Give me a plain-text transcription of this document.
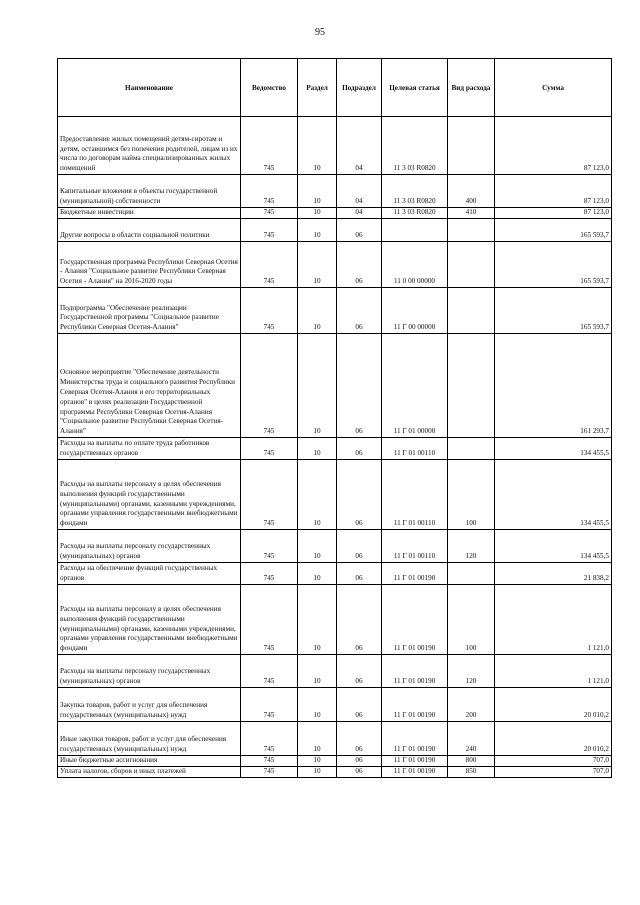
95
Наименование	Ведомство	Раздел	Подраздел	Целевая статья	Вид расхода	Сумма
Предоставление жилых помещений детям-сиротам и детям, оставшимся без попечения родителей, лицам из их числа по договорам найма специализированных жилых помещений	745	10	04	11 3 03 R0820		87 123,0
Капитальные вложения в объекты государственной (муниципальной) собственности	745	10	04	11 3 03 R0820	400	87 123,0
Бюджетные инвестиции	745	10	04	11 3 03 R0820	410	87 123,0
Другие вопросы в области социальной политики	745	10	06			165 593,7
Государственная программа Республики Северная Осетия - Алания "Социальное развитие Республики Северная Осетия - Алания" на 2016-2020 годы	745	10	06	11 0 00 00000		165 593,7
Подпрограмма "Обеспечение реализации Государственной программы "Социальное развитие Республики Северная Осетия-Алания"	745	10	06	11 Г 00 00000		165 593,7
Основное мероприятие "Обеспечение деятельности Министерства труда и социального развития Республики Северная Осетия-Алания и его территориальных органов" в целях реализации Государственной программы Республики Северная Осетия-Алания "Социальное развитие Республики Северная Осетия-Алания"	745	10	06	11 Г 01 00000		161 293,7
Расходы на выплаты по оплате труда работников государственных органов	745	10	06	11 Г 01 00110		134 455,5
Расходы на выплаты персоналу в целях обеспечения выполнения функций государственными (муниципальными) органами, казенными учреждениями, органами управления государственными внебюджетными фондами	745	10	06	11 Г 01 00110	100	134 455,5
Расходы на выплаты персоналу государственных (муниципальных) органов	745	10	06	11 Г 01 00110	120	134 455,5
Расходы на обеспечение функций государственных органов	745	10	06	11 Г 01 00190		21 838,2
Расходы на выплаты персоналу в целях обеспечения выполнения функций государственными (муниципальными) органами, казенными учреждениями, органами управления государственными внебюджетными фондами	745	10	06	11 Г 01 00190	100	1 121,0
Расходы на выплаты персоналу государственных (муниципальных) органов	745	10	06	11 Г 01 00190	120	1 121,0
Закупка товаров, работ и услуг для обеспечения государственных (муниципальных) нужд	745	10	06	11 Г 01 00190	200	20 010,2
Иные закупки товаров, работ и услуг для обеспечения государственных (муниципальных) нужд	745	10	06	11 Г 01 00190	240	20 010,2
Иные бюджетные ассигнования	745	10	06	11 Г 01 00190	800	707,0
Уплата налогов, сборов и иных платежей	745	10	06	11 Г 01 00190	850	707,0
